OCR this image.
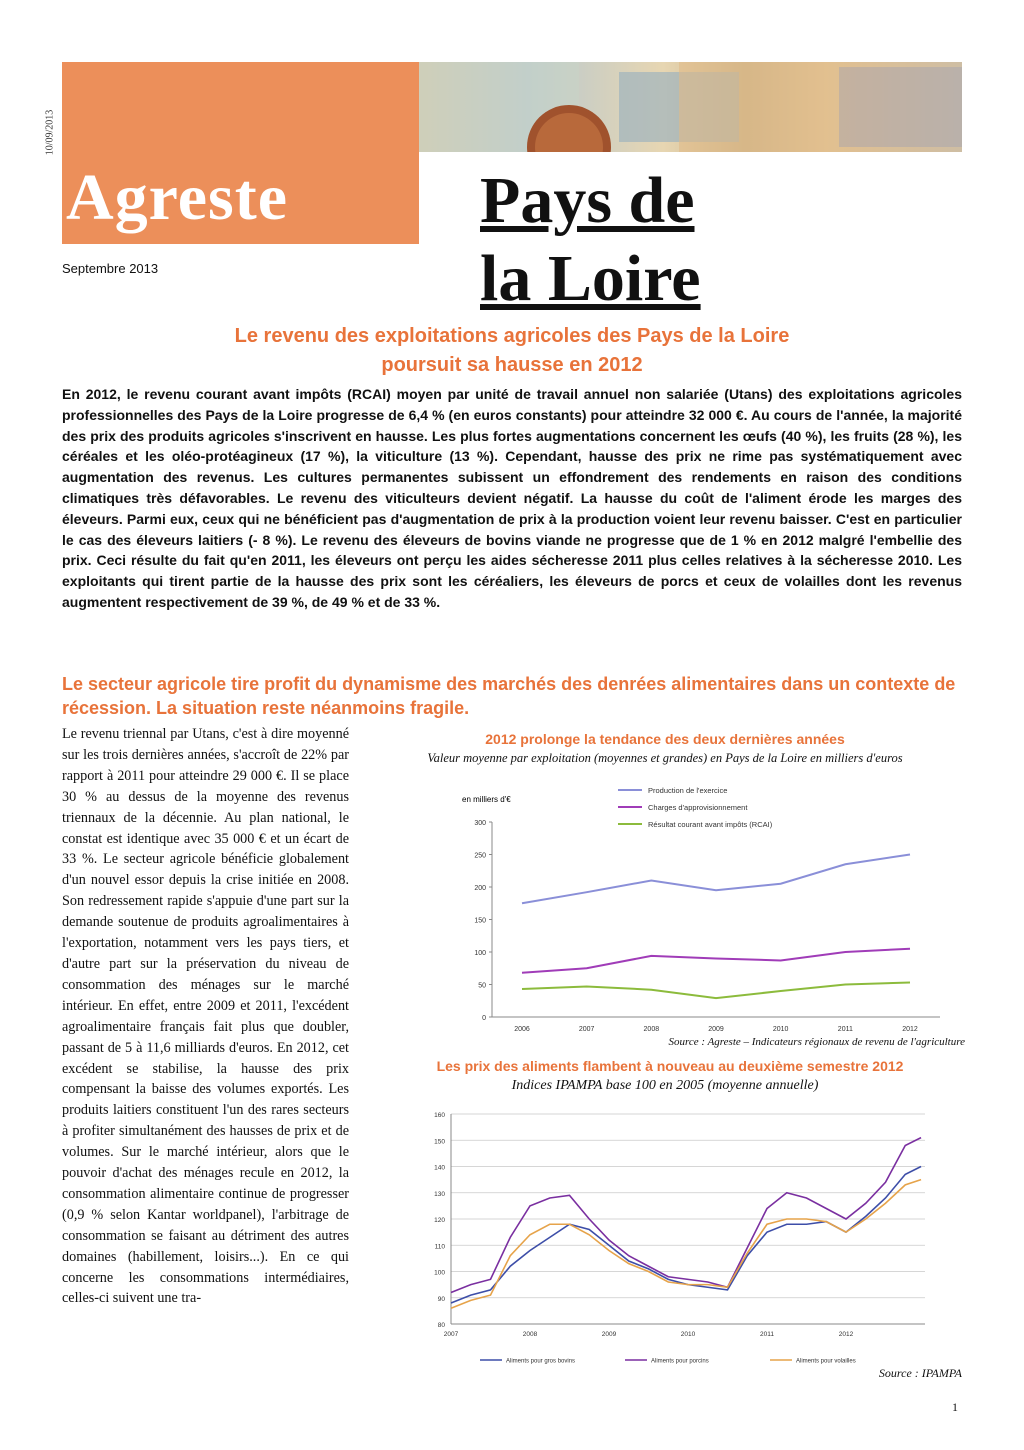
10/09/2013
Agreste	Pays de
la Loire
Septembre 2013
Le revenu des exploitations agricoles des Pays de la Loire
poursuit sa hausse en 2012
En 2012, le revenu courant avant impôts (RCAI) moyen par unité de travail annuel non salariée (Utans) des exploitations agricoles professionnelles des Pays de la Loire progresse de 6,4 % (en euros constants) pour atteindre 32 000 €. Au cours de l'année, la majorité des prix des produits agricoles s'inscrivent en hausse. Les plus fortes augmentations concernent les œufs (40 %), les fruits (28 %), les céréales et les oléo-protéagineux (17 %), la viticulture (13 %). Cependant, hausse des prix ne rime pas systématiquement avec augmentation des revenus. Les cultures permanentes subissent un effondrement des rendements en raison des conditions climatiques très défavorables. Le revenu des viticulteurs devient négatif. La hausse du coût de l'aliment érode les marges des éleveurs. Parmi eux, ceux qui ne bénéficient pas d'augmentation de prix à la production voient leur revenu baisser. C'est en particulier le cas des éleveurs laitiers (- 8 %). Le revenu des éleveurs de bovins viande ne progresse que de 1 % en 2012 malgré l'embellie des prix. Ceci résulte du fait qu'en 2011, les éleveurs ont perçu les aides sécheresse 2011 plus celles relatives à la sécheresse 2010. Les exploitants qui tirent partie de la hausse des prix sont les céréaliers, les éleveurs de porcs et ceux de volailles dont les revenus augmentent respectivement de 39 %, de 49 % et de 33 %.
Le secteur agricole tire profit du dynamisme des marchés des denrées alimentaires dans un contexte de récession. La situation reste néanmoins fragile.
Le revenu triennal par Utans, c'est à dire moyenné sur les trois dernières années, s'accroît de 22% par rapport à 2011 pour atteindre 29 000 €. Il se place 30 % au dessus de la moyenne des revenus triennaux de la décennie. Au plan national, le constat est identique avec 35 000 € et un écart de 33 %. Le secteur agricole bénéficie globalement d'un nouvel essor depuis la crise initiée en 2008. Son redressement rapide s'appuie d'une part sur la demande soutenue de produits agroalimentaires à l'exportation, notamment vers les pays tiers, et d'autre part sur la préservation du niveau de consommation des ménages sur le marché intérieur. En effet, entre 2009 et 2011, l'excédent agroalimentaire français fait plus que doubler, passant de 5 à 11,6 milliards d'euros. En 2012, cet excédent se stabilise, la hausse des prix compensant la baisse des volumes exportés. Les produits laitiers constituent l'un des rares secteurs à profiter simultanément des hausses de prix et de volumes. Sur le marché intérieur, alors que le pouvoir d'achat des ménages recule en 2012, la consommation alimentaire continue de progresser (0,9 % selon Kantar worldpanel), l'arbitrage de consommation se faisant au détriment des autres domaines (habillement, loisirs...). En ce qui concerne les consommations intermédiaires, celles-ci suivent une tra-
2012 prolonge la tendance des deux dernières années
Valeur moyenne par exploitation (moyennes et grandes) en Pays de la Loire en milliers d'euros
en milliers d'€
0
50
100
150
200
250
300
2006	2007	2008	2009	2010	2011	2012
Production de l'exercice
Charges d'approvisionnement
Résultat courant avant impôts (RCAI)
Source : Agreste – Indicateurs régionaux de revenu de l'agriculture
Les prix des aliments flambent à nouveau au deuxième semestre 2012
Indices IPAMPA base 100 en 2005 (moyenne annuelle)
80
90
100
110
120
130
140
150
160
2007	2008	2009	2010	2011	2012
Aliments pour gros bovins	Aliments pour porcins	Aliments pour volailles
Source : IPAMPA
1
